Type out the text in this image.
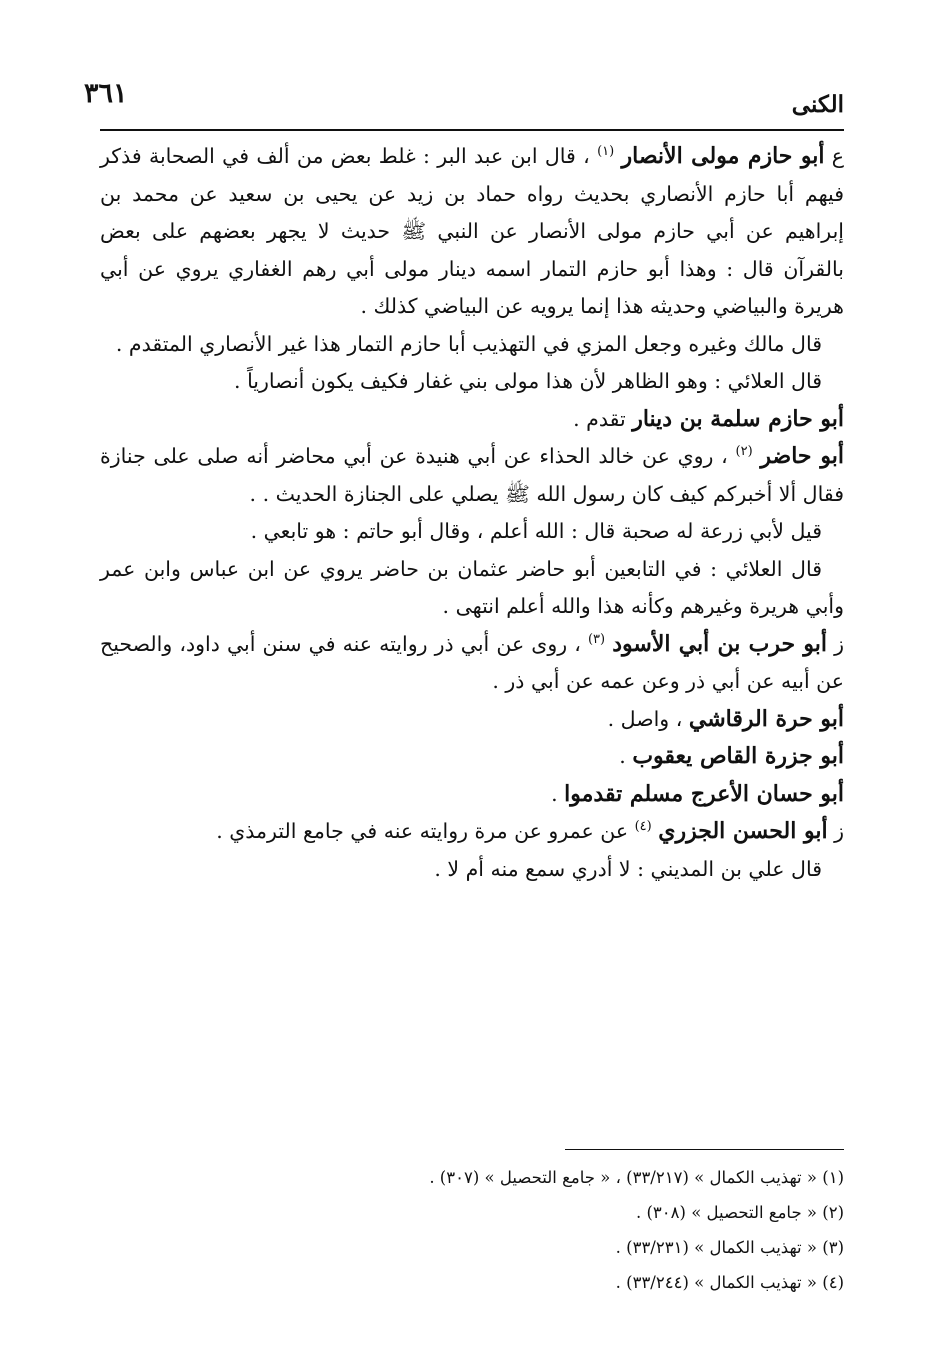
٣٦١	الكنى

ع أبو حازم مولى الأنصار $^{(١)}$ ، قال ابن عبد البر : غلط بعض من ألف في الصحابة فذكر فيهم أبا حازم الأنصاري بحديث رواه حماد بن زيد عن يحيى بن سعيد عن محمد بن إبراهيم عن أبي حازم مولى الأنصار عن النبي ﷺ حديث لا يجهر بعضهم على بعض بالقرآن قال : وهذا أبو حازم التمار اسمه دينار مولى أبي رهم الغفاري يروي عن أبي هريرة والبياضي وحديثه هذا إنما يرويه عن البياضي كذلك .

قال مالك وغيره وجعل المزي في التهذيب أبا حازم التمار هذا غير الأنصاري المتقدم .

قال العلائي : وهو الظاهر لأن هذا مولى بني غفار فكيف يكون أنصارياً .

أبو حازم سلمة بن دينار تقدم .

أبو حاضر $^{(٢)}$ ، روي عن خالد الحذاء عن أبي هنيدة عن أبي محاضر أنه صلى على جنازة فقال ألا أخبركم كيف كان رسول الله ﷺ يصلي على الجنازة الحديث . .

قيل لأبي زرعة له صحبة قال : الله أعلم ، وقال أبو حاتم : هو تابعي .

قال العلائي : في التابعين أبو حاضر عثمان بن حاضر يروي عن ابن عباس وابن عمر وأبي هريرة وغيرهم وكأنه هذا والله أعلم انتهى .

ز أبو حرب بن أبي الأسود $^{(٣)}$ ، روى عن أبي ذر روايته عنه في سنن أبي داود، والصحيح عن أبيه عن أبي ذر وعن عمه عن أبي ذر .

أبو حرة الرقاشي ، واصل .

أبو جزرة القاص يعقوب .

أبو حسان الأعرج مسلم تقدموا .

ز أبو الحسن الجزري $^{(٤)}$ عن عمرو عن مرة روايته عنه في جامع الترمذي .

قال علي بن المديني : لا أدري سمع منه أم لا .

(١) « تهذيب الكمال » (٣٣/٢١٧) ، « جامع التحصيل » (٣٠٧) .

(٢) « جامع التحصيل » (٣٠٨) .

(٣) « تهذيب الكمال » (٣٣/٢٣١) .

(٤) « تهذيب الكمال » (٣٣/٢٤٤) .
